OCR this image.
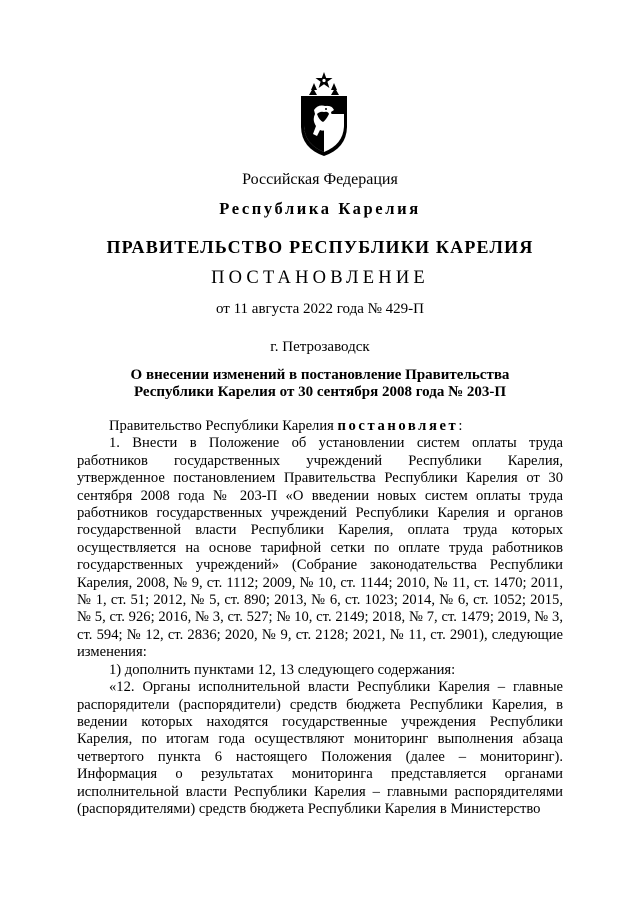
Российская Федерация
Республика Карелия
ПРАВИТЕЛЬСТВО РЕСПУБЛИКИ КАРЕЛИЯ
ПОСТАНОВЛЕНИЕ
от 11 августа 2022 года № 429-П
г. Петрозаводск
О внесении изменений в постановление Правительства
Республики Карелия от 30 сентября 2008 года № 203-П

Правительство Республики Карелия постановляет:

1. Внести в Положение об установлении систем оплаты труда работников государственных учреждений Республики Карелия, утвержденное постановлением Правительства Республики Карелия от 30 сентября 2008 года № 203-П «О введении новых систем оплаты труда работников государственных учреждений Республики Карелия и органов государственной власти Республики Карелия, оплата труда которых осуществляется на основе тарифной сетки по оплате труда работников государственных учреждений» (Собрание законодательства Республики Карелия, 2008, № 9, ст. 1112; 2009, № 10, ст. 1144; 2010, № 11, ст. 1470; 2011, № 1, ст. 51; 2012, № 5, ст. 890; 2013, № 6, ст. 1023; 2014, № 6, ст. 1052; 2015, № 5, ст. 926; 2016, № 3, ст. 527; № 10, ст. 2149; 2018, № 7, ст. 1479; 2019, № 3, ст. 594; № 12, ст. 2836; 2020, № 9, ст. 2128; 2021, № 11, ст. 2901), следующие изменения:

1) дополнить пунктами 12, 13 следующего содержания:

«12. Органы исполнительной власти Республики Карелия – главные распорядители (распорядители) средств бюджета Республики Карелия, в ведении которых находятся государственные учреждения Республики Карелия, по итогам года осуществляют мониторинг выполнения абзаца четвертого пункта 6 настоящего Положения (далее – мониторинг). Информация о результатах мониторинга представляется органами исполнительной власти Республики Карелия – главными распорядителями (распорядителями) средств бюджета Республики Карелия в Министерство
